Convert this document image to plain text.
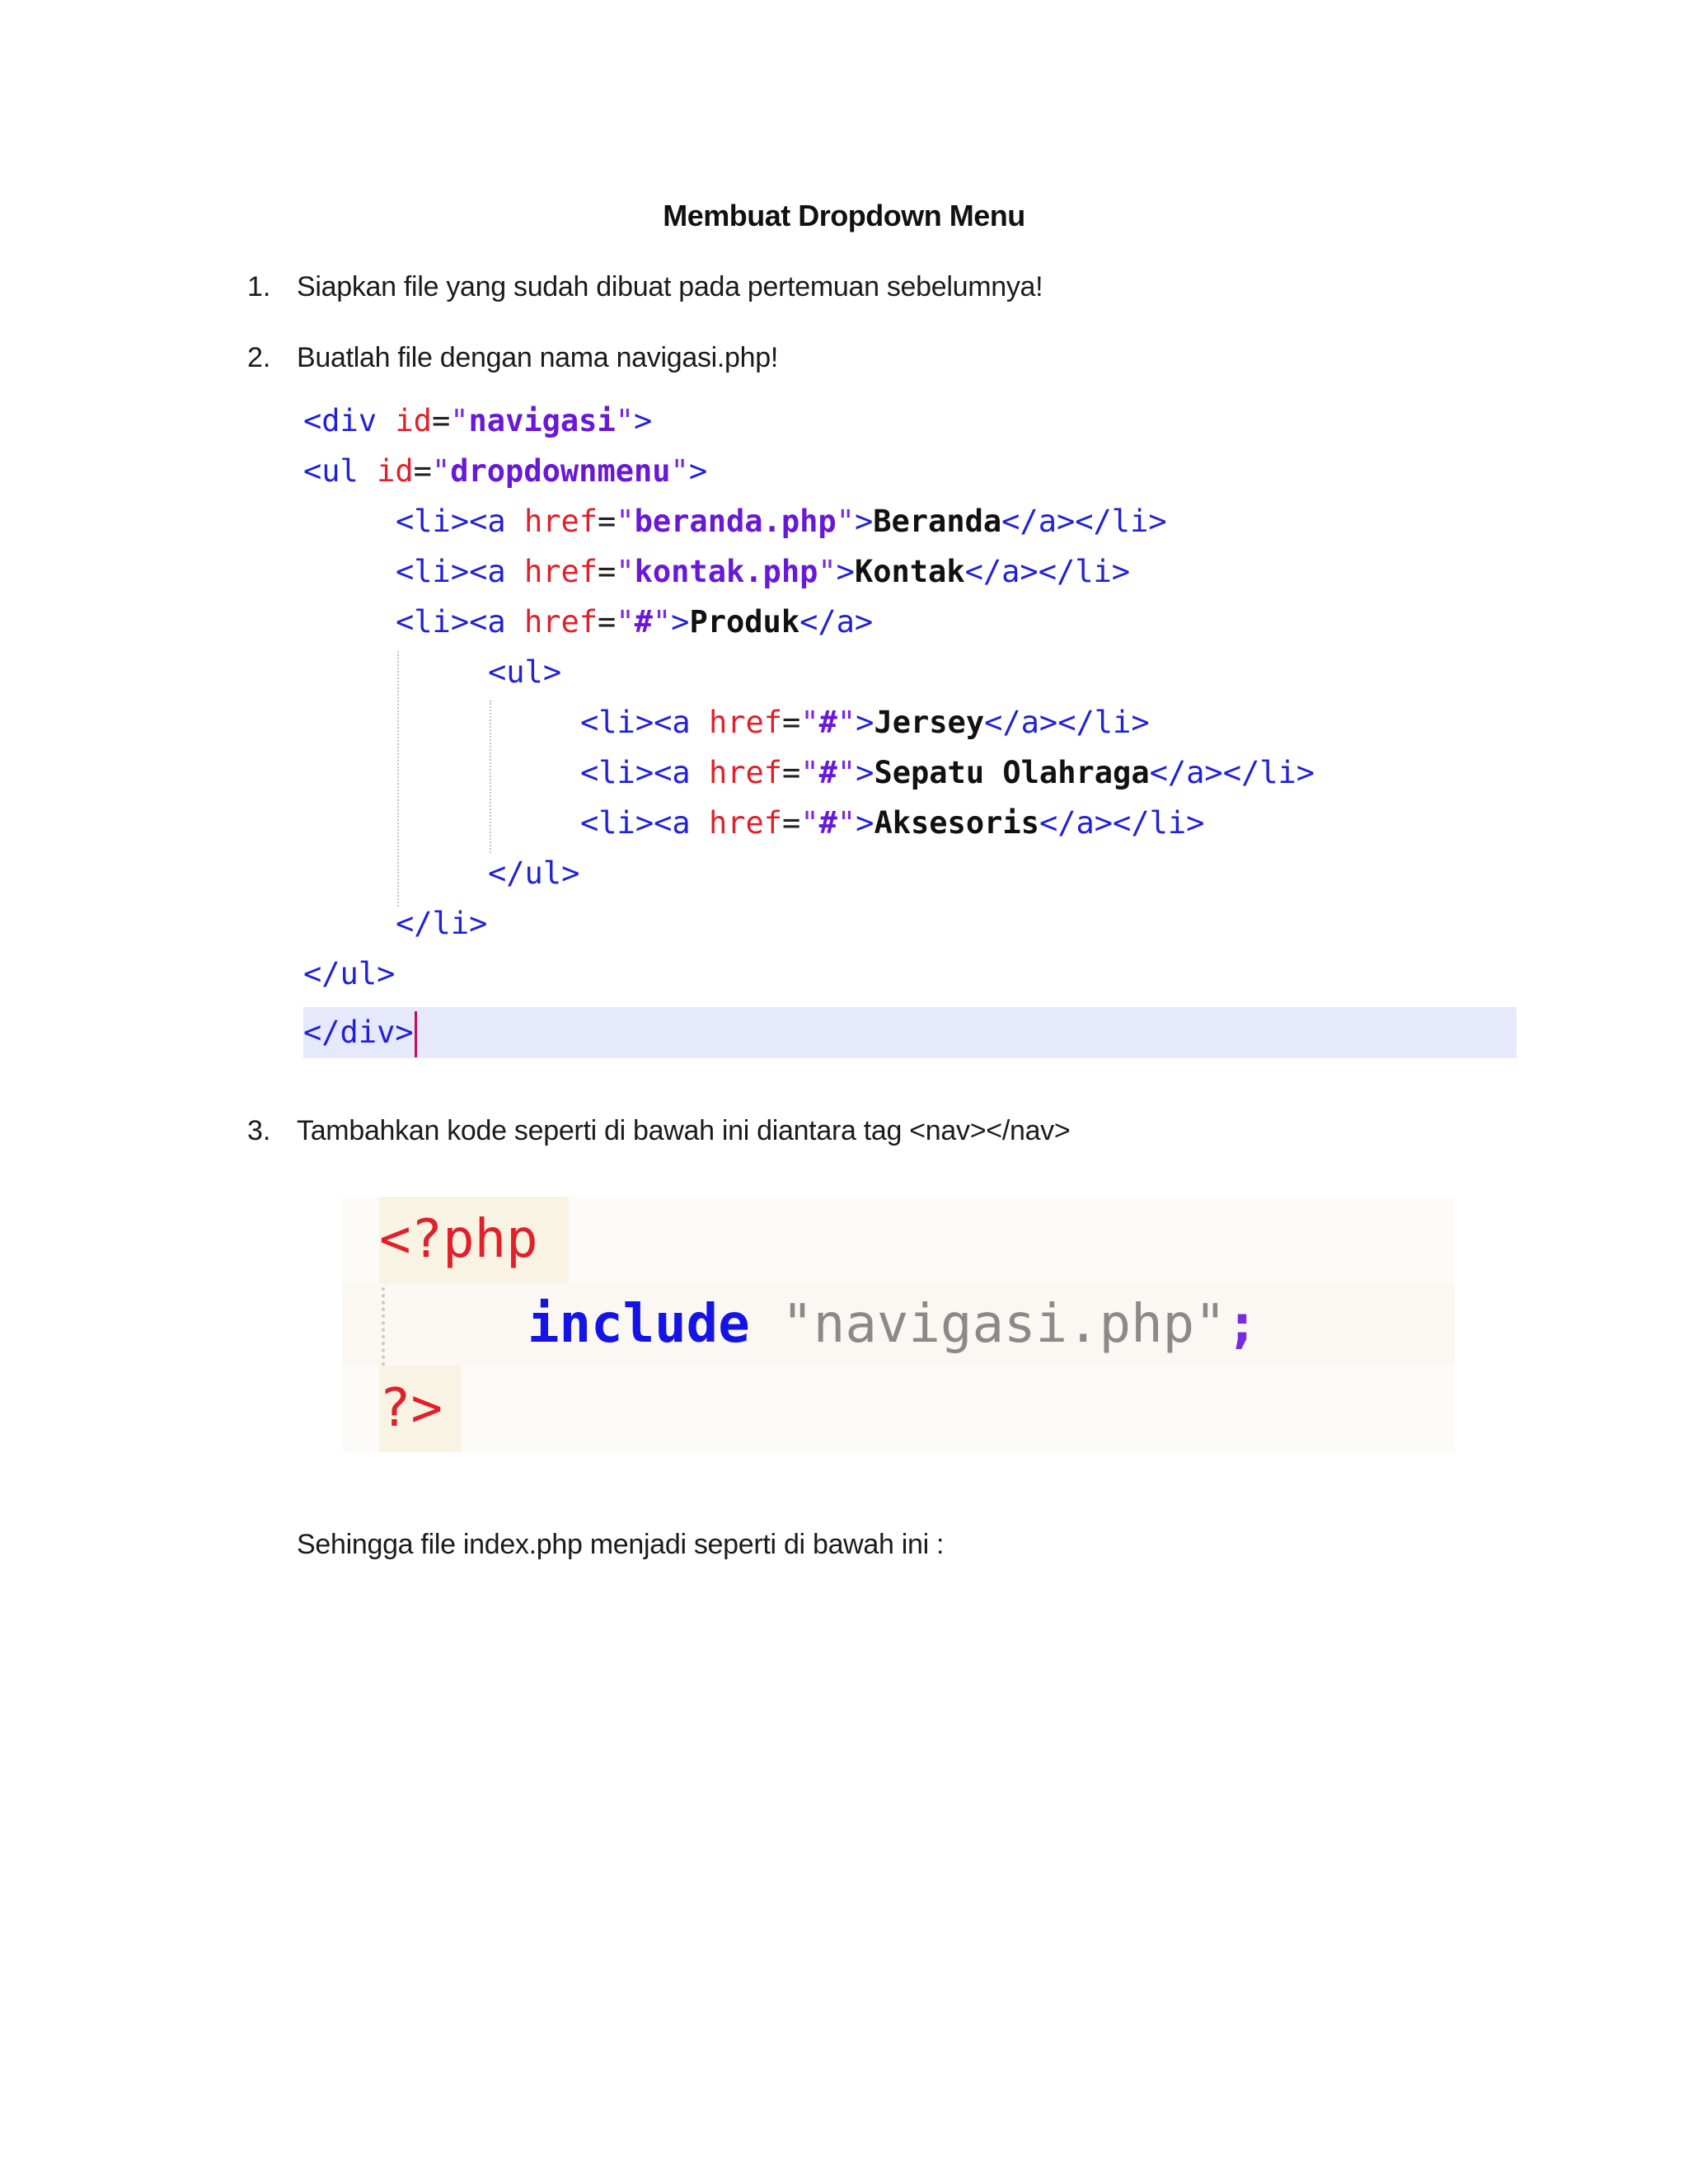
Membuat Dropdown Menu
1. Siapkan file yang sudah dibuat pada pertemuan sebelumnya!
2. Buatlah file dengan nama navigasi.php!
<div id="navigasi">
<ul id="dropdownmenu">
<li><a href="beranda.php">Beranda</a></li>
<li><a href="kontak.php">Kontak</a></li>
<li><a href="#">Produk</a>
<ul>
<li><a href="#">Jersey</a></li>
<li><a href="#">Sepatu Olahraga</a></li>
<li><a href="#">Aksesoris</a></li>
</ul>
</li>
</ul>
</div>
3. Tambahkan kode seperti di bawah ini diantara tag <nav></nav>
<?php
include "navigasi.php";
?>
Sehingga file index.php menjadi seperti di bawah ini :
